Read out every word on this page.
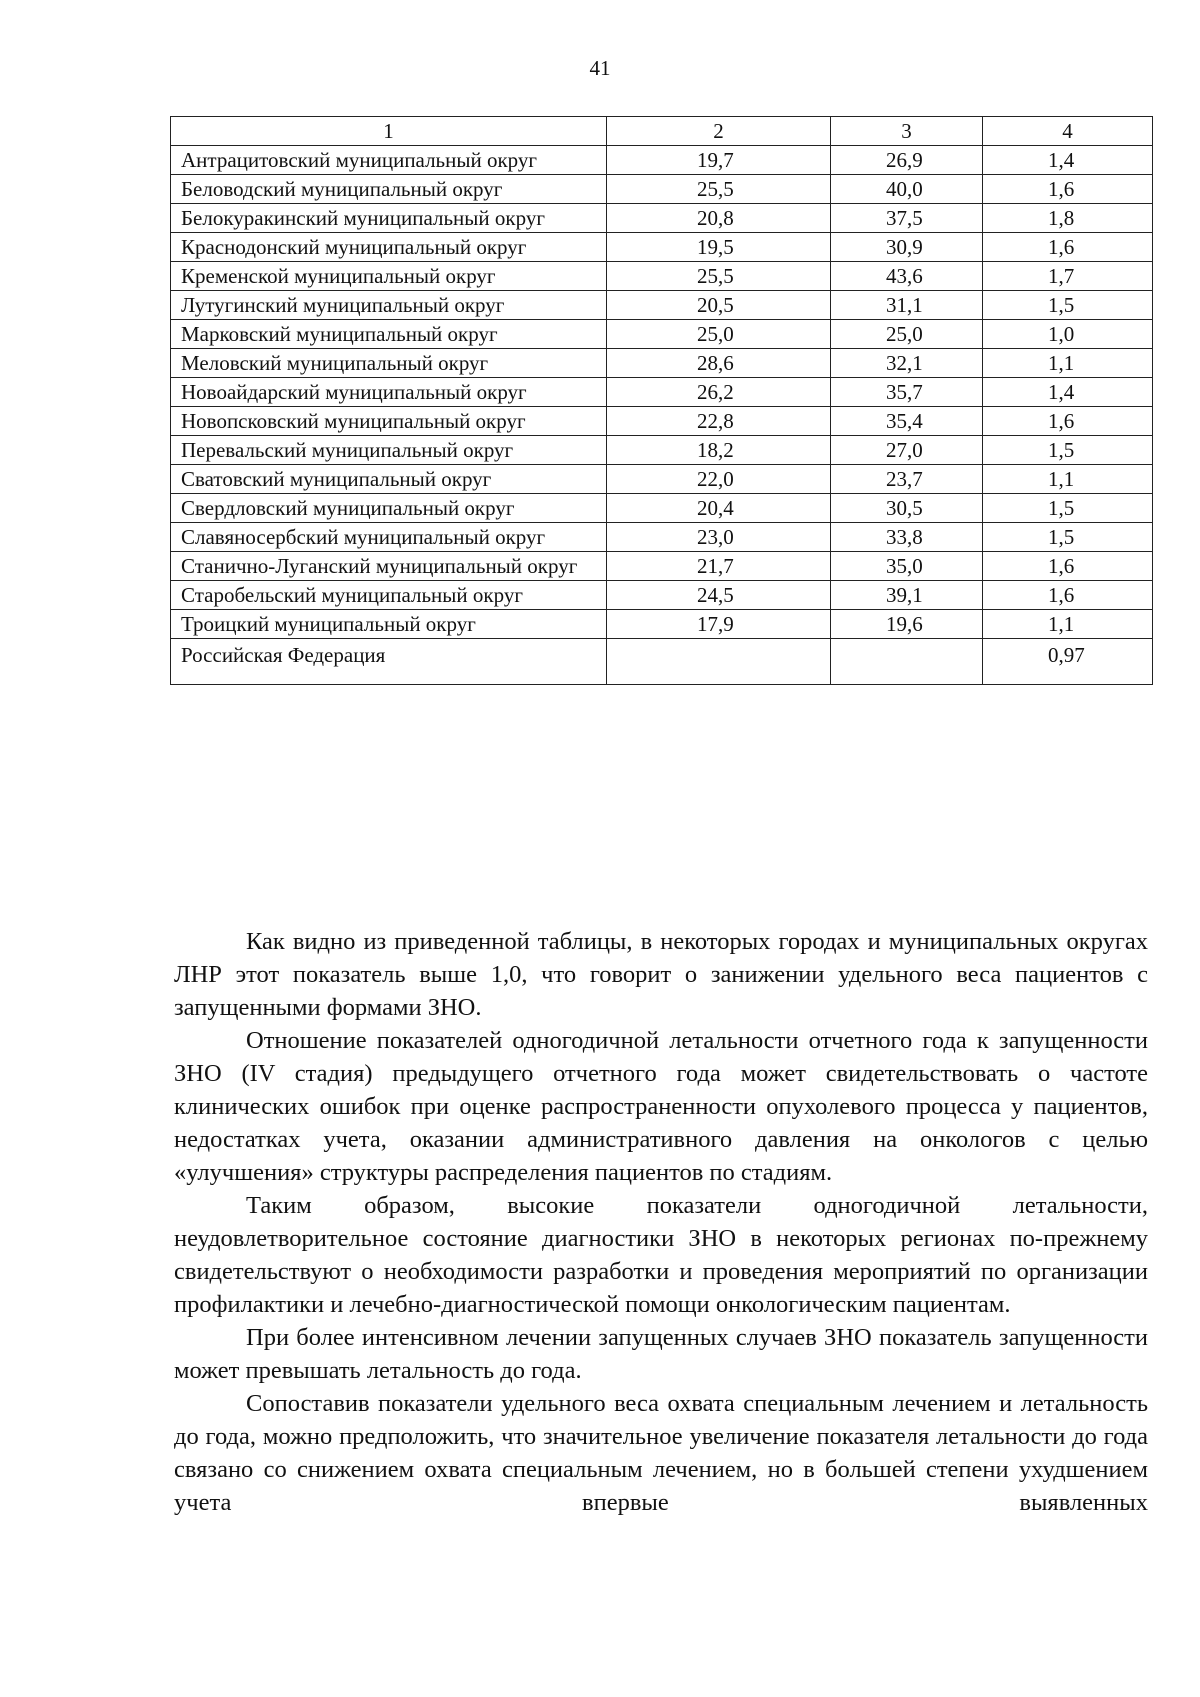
41
1	2	3	4
Антрацитовский муниципальный округ	19,7	26,9	1,4
Беловодский муниципальный округ	25,5	40,0	1,6
Белокуракинский муниципальный округ	20,8	37,5	1,8
Краснодонский муниципальный округ	19,5	30,9	1,6
Кременской муниципальный округ	25,5	43,6	1,7
Лутугинский муниципальный округ	20,5	31,1	1,5
Марковский муниципальный округ	25,0	25,0	1,0
Меловский муниципальный округ	28,6	32,1	1,1
Новоайдарский муниципальный округ	26,2	35,7	1,4
Новопсковский муниципальный округ	22,8	35,4	1,6
Перевальский муниципальный округ	18,2	27,0	1,5
Сватовский муниципальный округ	22,0	23,7	1,1
Свердловский муниципальный округ	20,4	30,5	1,5
Славяносербский муниципальный округ	23,0	33,8	1,5
Станично-Луганский муниципальный округ	21,7	35,0	1,6
Старобельский муниципальный округ	24,5	39,1	1,6
Троицкий муниципальный округ	17,9	19,6	1,1
Российская Федерация			0,97

Как видно из приведенной таблицы, в некоторых городах и муниципальных округах ЛНР этот показатель выше 1,0, что говорит о занижении удельного веса пациентов с запущенными формами ЗНО.

Отношение показателей одногодичной летальности отчетного года к запущенности ЗНО (IV стадия) предыдущего отчетного года может свидетельствовать о частоте клинических ошибок при оценке распространенности опухолевого процесса у пациентов, недостатках учета, оказании административного давления на онкологов с целью «улучшения» структуры распределения пациентов по стадиям.

Таким образом, высокие показатели одногодичной летальности, неудовлетворительное состояние диагностики ЗНО в некоторых регионах по-прежнему свидетельствуют о необходимости разработки и проведения мероприятий по организации профилактики и лечебно-диагностической помощи онкологическим пациентам.

При более интенсивном лечении запущенных случаев ЗНО показатель запущенности может превышать летальность до года.

Сопоставив показатели удельного веса охвата специальным лечением и летальность до года, можно предположить, что значительное увеличение показателя летальности до года связано со снижением охвата специальным лечением, но в большей степени ухудшением учета впервые выявленных
